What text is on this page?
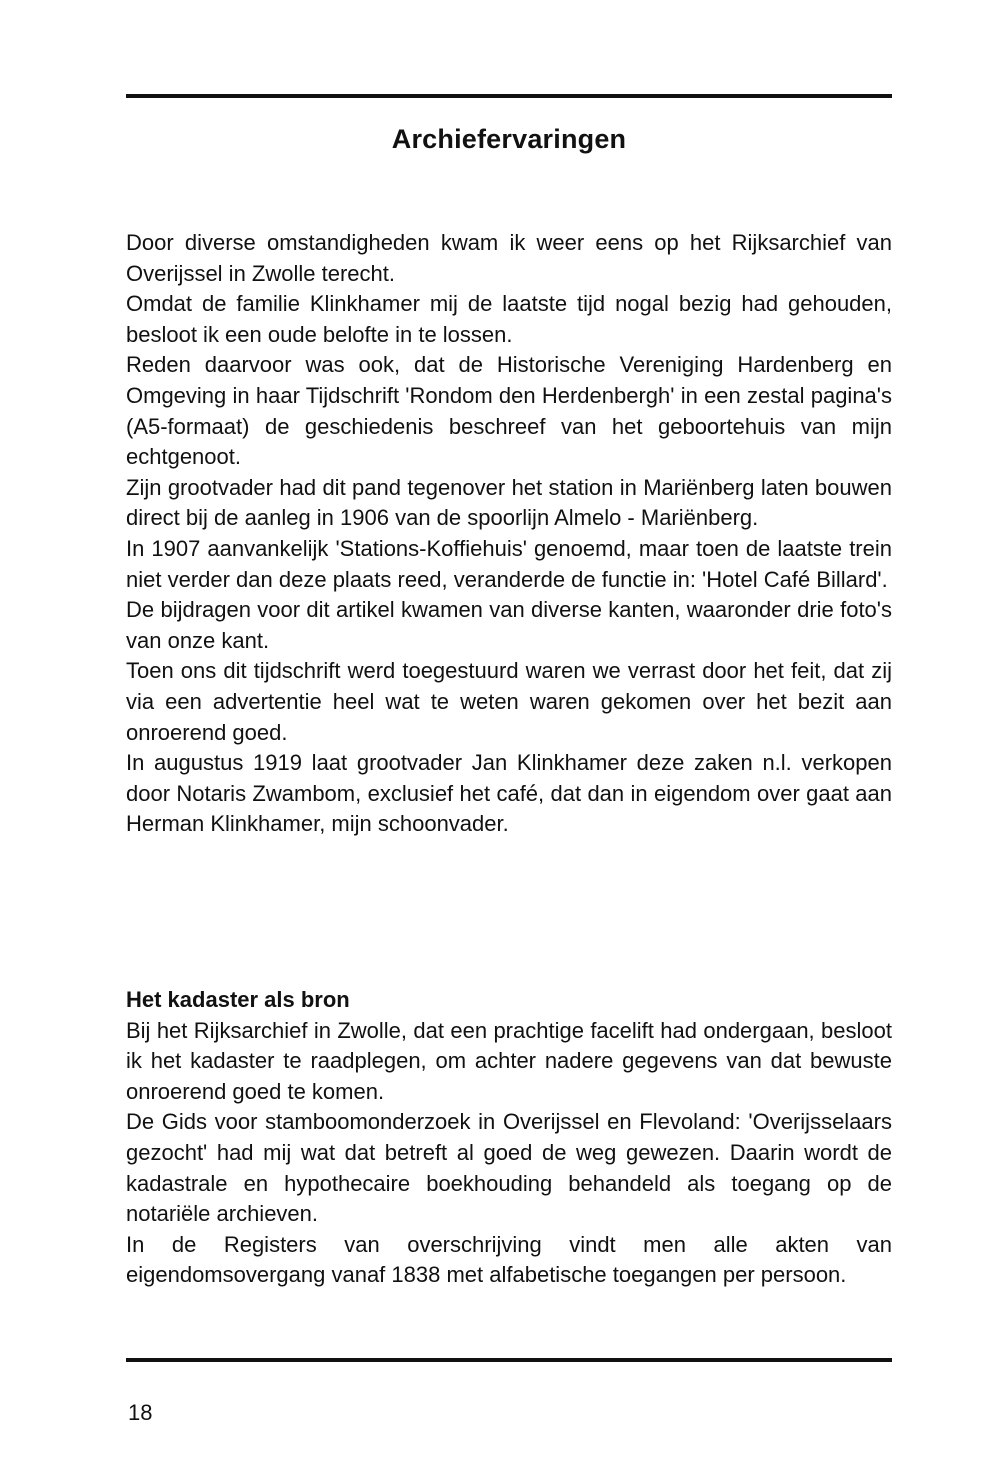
Archiefervaringen

Door diverse omstandigheden kwam ik weer eens op het Rijksarchief van Overijssel in Zwolle terecht.

Omdat de familie Klinkhamer mij de laatste tijd nogal bezig had gehouden, besloot ik een oude belofte in te lossen.

Reden daarvoor was ook, dat de Historische Vereniging Hardenberg en Omgeving in haar Tijdschrift 'Rondom den Herdenbergh' in een zestal pagina's (A5-formaat) de geschiedenis beschreef van het geboortehuis van mijn echtgenoot.

Zijn grootvader had dit pand tegenover het station in Mariënberg laten bouwen direct bij de aanleg in 1906 van de spoorlijn Almelo - Mariënberg.

In 1907 aanvankelijk 'Stations-Koffiehuis' genoemd, maar toen de laatste trein niet verder dan deze plaats reed, veranderde de functie in: 'Hotel Café Billard'.

De bijdragen voor dit artikel kwamen van diverse kanten, waaronder drie foto's van onze kant.

Toen ons dit tijdschrift werd toegestuurd waren we verrast door het feit, dat zij via een advertentie heel wat te weten waren gekomen over het bezit aan onroerend goed.

In augustus 1919 laat grootvader Jan Klinkhamer deze zaken n.l. verkopen door Notaris Zwambom, exclusief het café, dat dan in eigendom over gaat aan Herman Klinkhamer, mijn schoonvader.

Het kadaster als bron

Bij het Rijksarchief in Zwolle, dat een prachtige facelift had ondergaan, besloot ik het kadaster te raadplegen, om achter nadere gegevens van dat bewuste onroerend goed te komen.

De Gids voor stamboomonderzoek in Overijssel en Flevoland: 'Overijsselaars gezocht' had mij wat dat betreft al goed de weg gewezen. Daarin wordt de kadastrale en hypothecaire boekhouding behandeld als toegang op de notariële archieven.

In de Registers van overschrijving vindt men alle akten van eigendomsovergang vanaf 1838 met alfabetische toegangen per persoon.

18
